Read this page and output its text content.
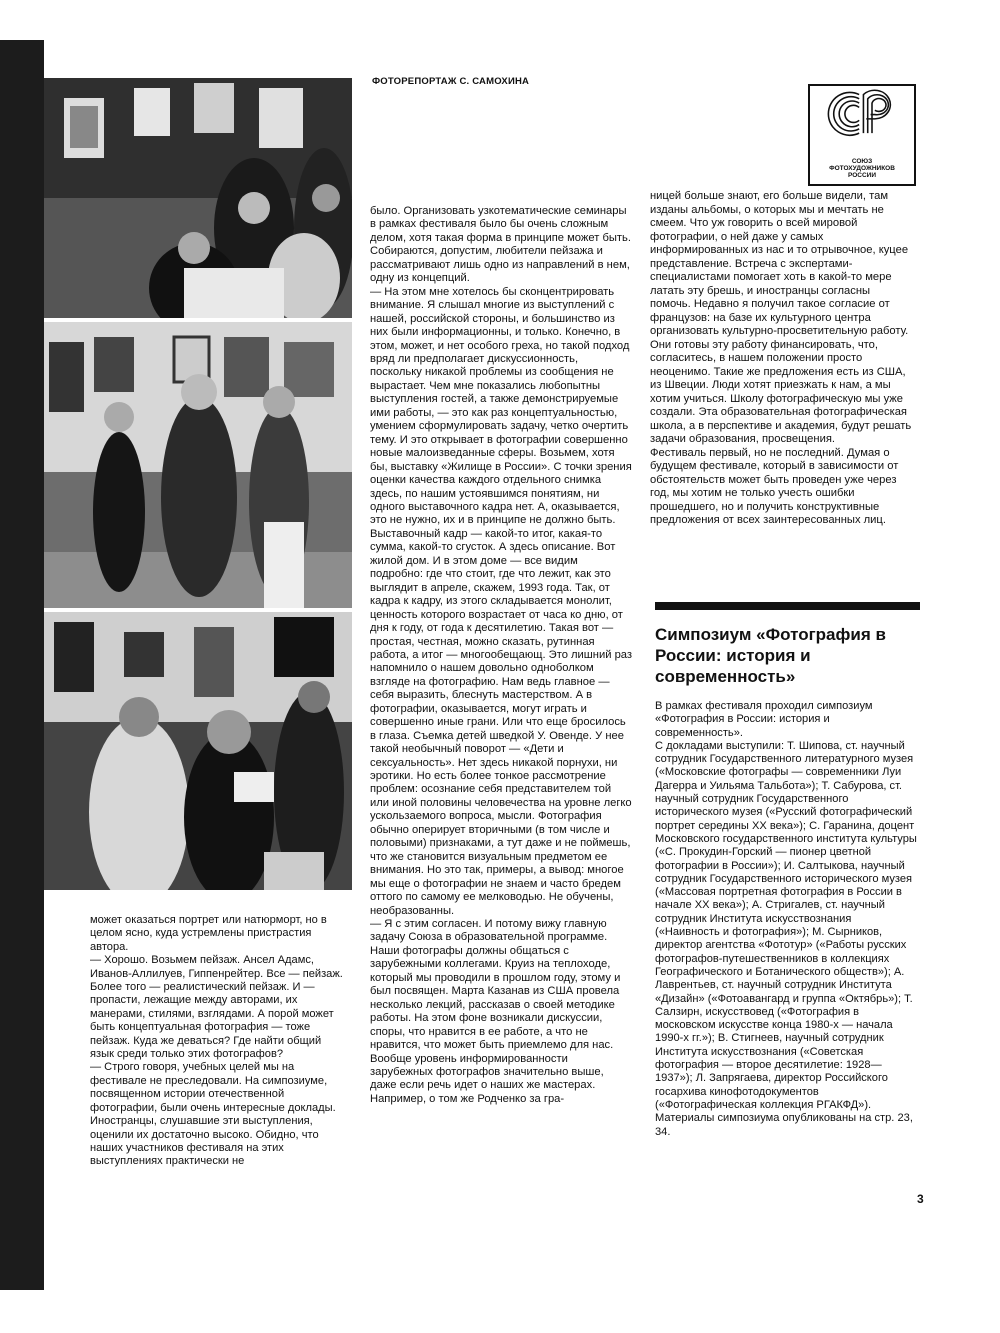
ФОТОРЕПОРТАЖ С. САМОХИНА
СОЮЗ
ФОТОХУДОЖНИКОВ
РОССИИ

может оказаться портрет или натюрморт, но в целом ясно, куда устремлены пристрастия автора.

— Хорошо. Возьмем пейзаж. Ансел Адамс, Иванов-Аллилуев, Гиппенрейтер. Все — пейзаж. Более того — реалистический пейзаж. И — пропасти, лежащие между авторами, их манерами, стилями, взглядами. А порой может быть концептуальная фотография — тоже пейзаж. Куда же деваться? Где найти общий язык среди только этих фотографов?

— Строго говоря, учебных целей мы на фестивале не преследовали. На симпозиуме, посвященном истории отечественной фотографии, были очень интересные доклады. Иностранцы, слушавшие эти выступления, оценили их достаточно высоко. Обидно, что наших участников фестиваля на этих выступлениях практически не

было. Организовать узкотематические семинары в рамках фестиваля было бы очень сложным делом, хотя такая форма в принципе может быть. Собираются, допустим, любители пейзажа и рассматривают лишь одно из направлений в нем, одну из концепций.

— На этом мне хотелось бы сконцентрировать внимание. Я слышал многие из выступлений с нашей, российской стороны, и большинство из них были информационны, и только. Конечно, в этом, может, и нет особого греха, но такой подход вряд ли предполагает дискуссионность, поскольку никакой проблемы из сообщения не вырастает. Чем мне показались любопытны выступления гостей, а также демонстрируемые ими работы, — это как раз концептуальностью, умением сформулировать задачу, четко очертить тему. И это открывает в фотографии совершенно новые малоизведанные сферы. Возьмем, хотя бы, выставку «Жилище в России». С точки зрения оценки качества каждого отдельного снимка здесь, по нашим устоявшимся понятиям, ни одного выставочного кадра нет. А, оказывается, это не нужно, их и в принципе не должно быть. Выставочный кадр — какой-то итог, какая-то сумма, какой-то сгусток. А здесь описание. Вот жилой дом. И в этом доме — все видим подробно: где что стоит, где что лежит, как это выглядит в апреле, скажем, 1993 года. Так, от кадра к кадру, из этого складывается монолит, ценность которого возрастает от часа ко дню, от дня к году, от года к десятилетию. Такая вот — простая, честная, можно сказать, рутинная работа, а итог — многообещающ. Это лишний раз напомнило о нашем довольно одноболком взгляде на фотографию. Нам ведь главное — себя выразить, блеснуть мастерством. А в фотографии, оказывается, могут играть и совершенно иные грани. Или что еще бросилось в глаза. Съемка детей шведкой У. Овенде. У нее такой необычный поворот — «Дети и сексуальность». Нет здесь никакой порнухи, ни эротики. Но есть более тонкое рассмотрение проблем: осознание себя представителем той или иной половины человечества на уровне легко ускользаемого вопроса, мысли. Фотография обычно оперирует вторичными (в том числе и половыми) признаками, а тут даже и не поймешь, что же становится визуальным предметом ее внимания. Но это так, примеры, а вывод: многое мы еще о фотографии не знаем и часто бредем оттого по самому ее мелководью. Не обучены, необразованны.

— Я с этим согласен. И потому вижу главную задачу Союза в образовательной программе. Наши фотографы должны общаться с зарубежными коллегами. Круиз на теплоходе, который мы проводили в прошлом году, этому и был посвящен. Марта Казанав из США провела несколько лекций, рассказав о своей методике работы. На этом фоне возникали дискуссии, споры, что нравится в ее работе, а что не нравится, что может быть приемлемо для нас. Вообще уровень информированности зарубежных фотографов значительно выше, даже если речь идет о наших же мастерах. Например, о том же Родченко за гра-

ницей больше знают, его больше видели, там изданы альбомы, о которых мы и мечтать не смеем. Что уж говорить о всей мировой фотографии, о ней даже у самых информированных из нас и то отрывочное, куцее представление. Встреча с экспертами-специалистами помогает хоть в какой-то мере латать эту брешь, и иностранцы согласны помочь. Недавно я получил такое согласие от французов: на базе их культурного центра организовать культурно-просветительную работу. Они готовы эту работу финансировать, что, согласитесь, в нашем положении просто неоценимо. Такие же предложения есть из США, из Швеции. Люди хотят приезжать к нам, а мы хотим учиться. Школу фотографическую мы уже создали. Эта образовательная фотографическая школа, а в перспективе и академия, будут решать задачи образования, просвещения.

Фестиваль первый, но не последний. Думая о будущем фестивале, который в зависимости от обстоятельств может быть проведен уже через год, мы хотим не только учесть ошибки прошедшего, но и получить конструктивные предложения от всех заинтересованных лиц.

Симпозиум «Фотография в России: история и современность»

В рамках фестиваля проходил симпозиум «Фотография в России: история и современность».

С докладами выступили: Т. Шипова, ст. научный сотрудник Государственного литературного музея («Московские фотографы — современники Луи Дагерра и Уильяма Тальбота»); Т. Сабурова, ст. научный сотрудник Государственного исторического музея («Русский фотографический портрет середины XX века»); С. Гаранина, доцент Московского государственного института культуры («С. Прокудин-Горский — пионер цветной фотографии в России»); И. Салтыкова, научный сотрудник Государственного исторического музея («Массовая портретная фотография в России в начале XX века»); А. Стригалев, ст. научный сотрудник Института искусствознания («Наивность и фотография»); М. Сырников, директор агентства «Фототур» («Работы русских фотографов-путешественников в коллекциях Географического и Ботанического обществ»); А. Лаврентьев, ст. научный сотрудник Института «Дизайн» («Фотоавангард и группа «Октябрь»); Т. Салзирн, искусствовед («Фотография в московском искусстве конца 1980-х — начала 1990-х гг.»); В. Стигнеев, научный сотрудник Института искусствознания («Советская фотография — второе десятилетие: 1928—1937»); Л. Запрягаева, директор Российского госархива кинофотодокументов («Фотографическая коллекция РГАКФД»).

Материалы симпозиума опубликованы на стр. 23, 34.

3
